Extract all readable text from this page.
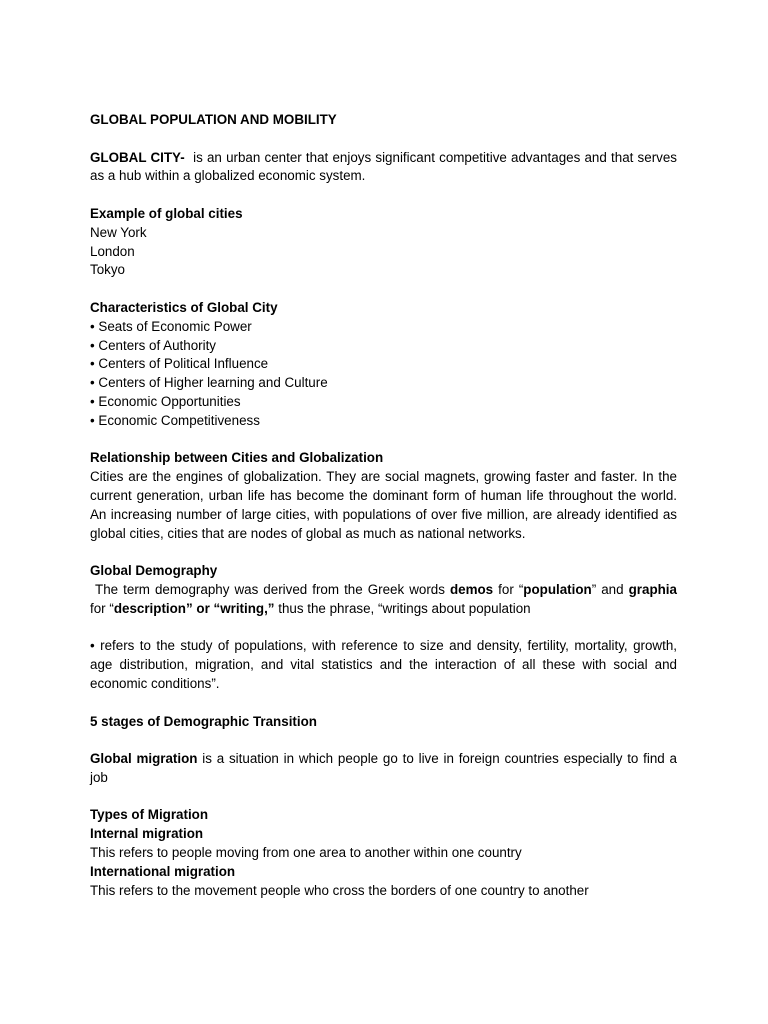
GLOBAL POPULATION AND MOBILITY
GLOBAL CITY-  is an urban center that enjoys significant competitive advantages and that serves as a hub within a globalized economic system.
Example of global cities
New York
London
Tokyo
Characteristics of Global City
• Seats of Economic Power
• Centers of Authority
• Centers of Political Influence
• Centers of Higher learning and Culture
• Economic Opportunities
• Economic Competitiveness
Relationship between Cities and Globalization
Cities are the engines of globalization. They are social magnets, growing faster and faster. In the current generation, urban life has become the dominant form of human life throughout the world. An increasing number of large cities, with populations of over five million, are already identified as global cities, cities that are nodes of global as much as national networks.
Global Demography
The term demography was derived from the Greek words demos for “population” and graphia for “description” or “writing,” thus the phrase, “writings about population
• refers to the study of populations, with reference to size and density, fertility, mortality, growth, age distribution, migration, and vital statistics and the interaction of all these with social and economic conditions”.
5 stages of Demographic Transition
Global migration is a situation in which people go to live in foreign countries especially to find a job
Types of Migration
Internal migration
This refers to people moving from one area to another within one country
International migration
This refers to the movement people who cross the borders of one country to another
